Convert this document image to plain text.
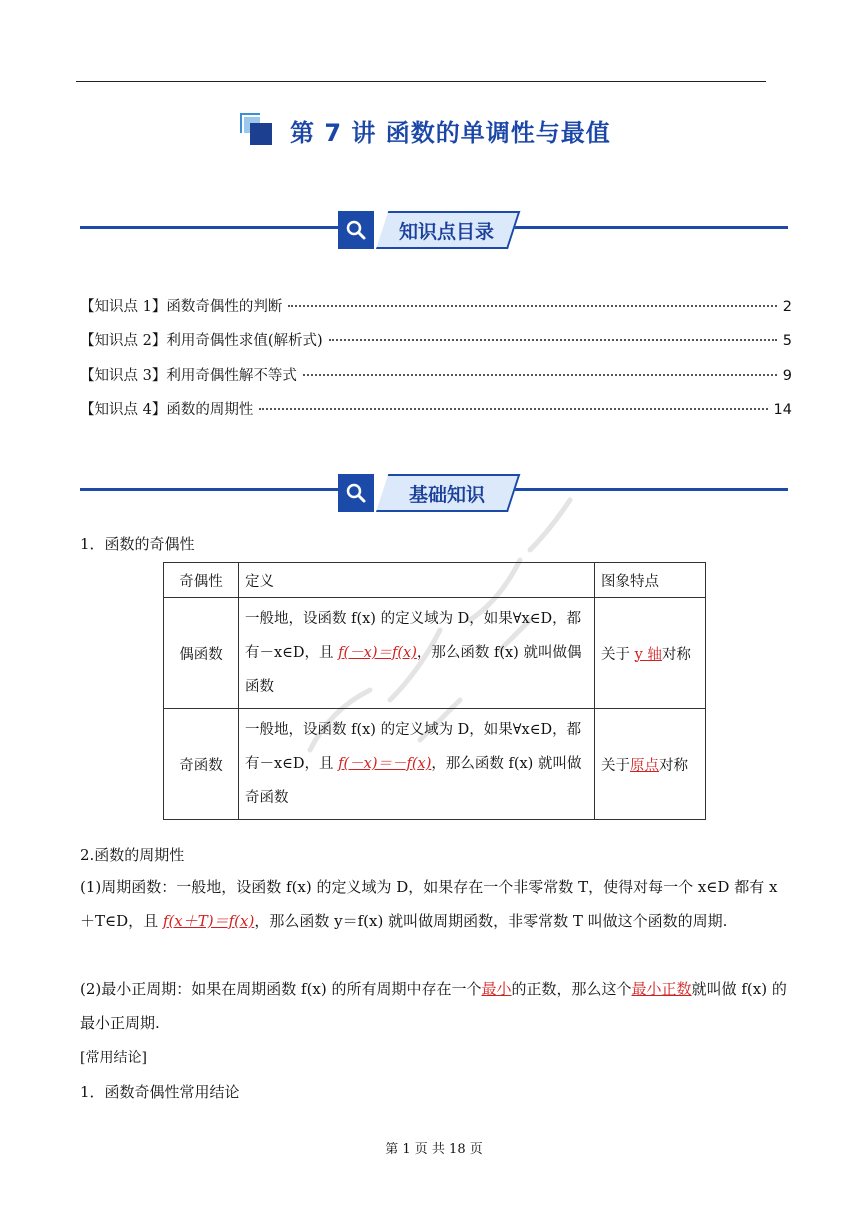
第 7 讲 函数的单调性与最值
知识点目录
【知识点 1】函数奇偶性的判断	2
【知识点 2】利用奇偶性求值(解析式)	5
【知识点 3】利用奇偶性解不等式	9
【知识点 4】函数的周期性	14
基础知识
1．函数的奇偶性
奇偶性	定义	图象特点
偶函数	一般地，设函数 f(x) 的定义域为 D，如果∀x∈D，都有－x∈D，且 f(－x)＝f(x)，那么函数 f(x) 就叫做偶函数	关于 y 轴对称
奇函数	一般地，设函数 f(x) 的定义域为 D，如果∀x∈D，都有－x∈D，且 f(－x)＝－f(x)，那么函数 f(x) 就叫做奇函数	关于原点对称
2.函数的周期性
(1)周期函数：一般地，设函数 f(x) 的定义域为 D，如果存在一个非零常数 T，使得对每一个 x∈D 都有 x＋T∈D，且 f(x＋T)＝f(x)，那么函数 y＝f(x) 就叫做周期函数，非零常数 T 叫做这个函数的周期.
(2)最小正周期：如果在周期函数 f(x) 的所有周期中存在一个最小的正数，那么这个最小正数就叫做 f(x) 的最小正周期.
[常用结论]
1．函数奇偶性常用结论
第 1 页 共 18 页
